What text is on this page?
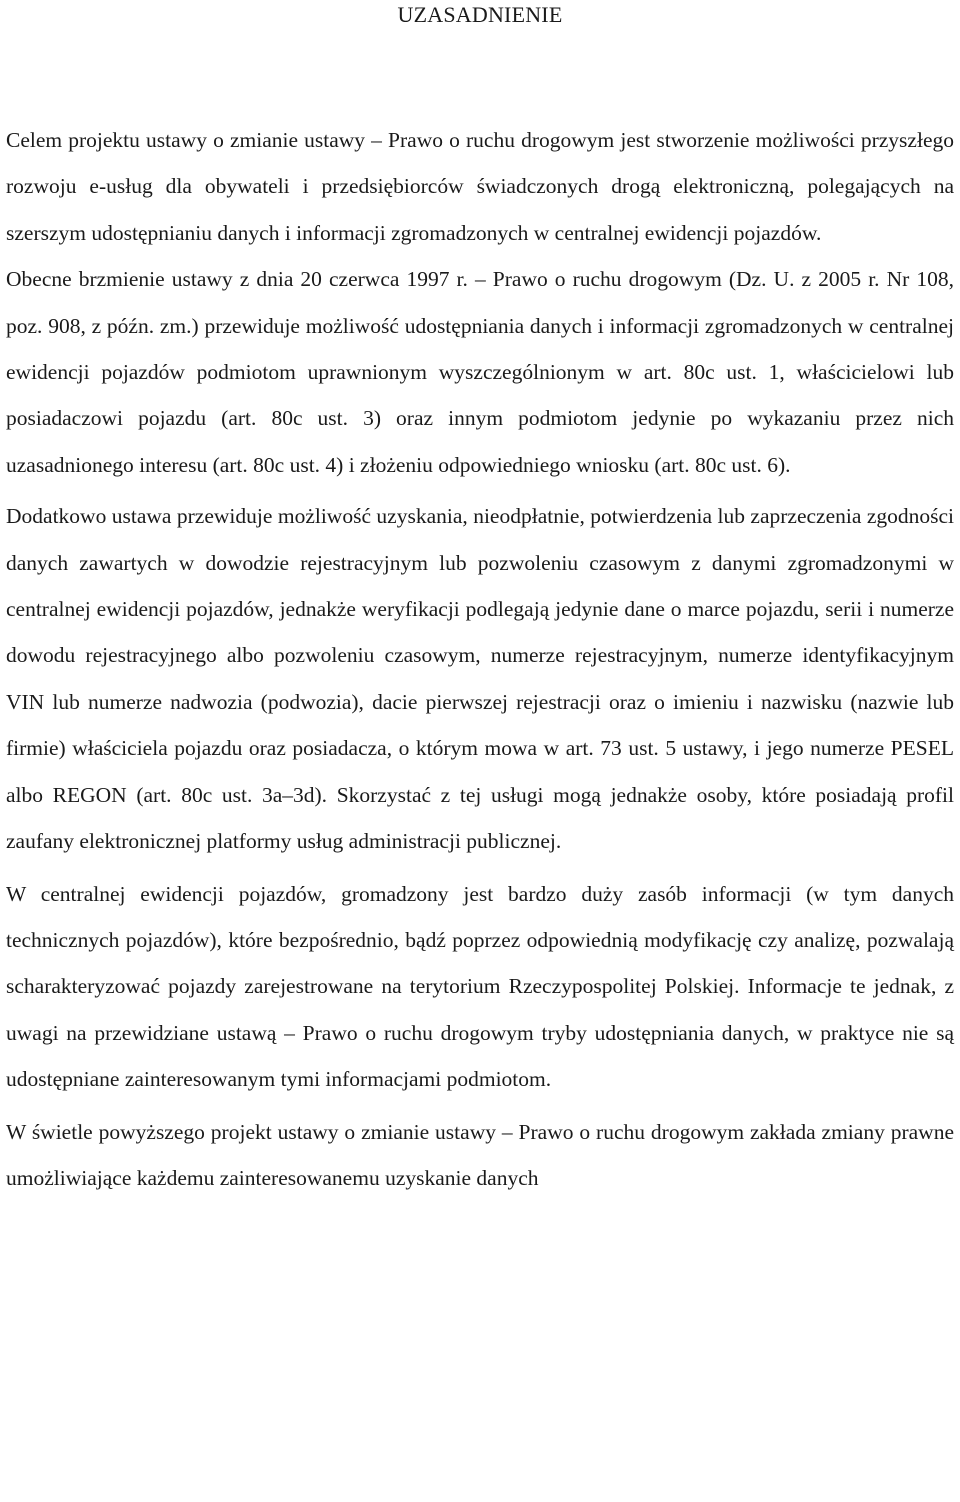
UZASADNIENIE

Celem projektu ustawy o zmianie ustawy – Prawo o ruchu drogowym jest stworzenie możliwości przyszłego rozwoju e-usług dla obywateli i przedsiębiorców świadczonych drogą elektroniczną, polegających na szerszym udostępnianiu danych i informacji zgromadzonych w centralnej ewidencji pojazdów.

Obecne brzmienie ustawy z dnia 20 czerwca 1997 r. – Prawo o ruchu drogowym (Dz. U. z 2005 r. Nr 108, poz. 908, z późn. zm.) przewiduje możliwość udostępniania danych i informacji zgromadzonych w centralnej ewidencji pojazdów podmiotom uprawnionym wyszczególnionym w art. 80c ust. 1, właścicielowi lub posiadaczowi pojazdu (art. 80c ust. 3) oraz innym podmiotom jedynie po wykazaniu przez nich uzasadnionego interesu (art. 80c ust. 4) i złożeniu odpowiedniego wniosku (art. 80c ust. 6).

Dodatkowo ustawa przewiduje możliwość uzyskania, nieodpłatnie, potwierdzenia lub zaprzeczenia zgodności danych zawartych w dowodzie rejestracyjnym lub pozwoleniu czasowym z danymi zgromadzonymi w centralnej ewidencji pojazdów, jednakże weryfikacji podlegają jedynie dane o marce pojazdu, serii i numerze dowodu rejestracyjnego albo pozwoleniu czasowym, numerze rejestracyjnym, numerze identyfikacyjnym VIN lub numerze nadwozia (podwozia), dacie pierwszej rejestracji oraz o imieniu i nazwisku (nazwie lub firmie) właściciela pojazdu oraz posiadacza, o którym mowa w art. 73 ust. 5 ustawy, i jego numerze PESEL albo REGON (art. 80c ust. 3a–3d). Skorzystać z tej usługi mogą jednakże osoby, które posiadają profil zaufany elektronicznej platformy usług administracji publicznej.

W centralnej ewidencji pojazdów, gromadzony jest bardzo duży zasób informacji (w tym danych technicznych pojazdów), które bezpośrednio, bądź poprzez odpowiednią modyfikację czy analizę, pozwalają scharakteryzować pojazdy zarejestrowane na terytorium Rzeczypospolitej Polskiej. Informacje te jednak, z uwagi na przewidziane ustawą – Prawo o ruchu drogowym tryby udostępniania danych, w praktyce nie są udostępniane zainteresowanym tymi informacjami podmiotom.

W świetle powyższego projekt ustawy o zmianie ustawy – Prawo o ruchu drogowym zakłada zmiany prawne umożliwiające każdemu zainteresowanemu uzyskanie danych
